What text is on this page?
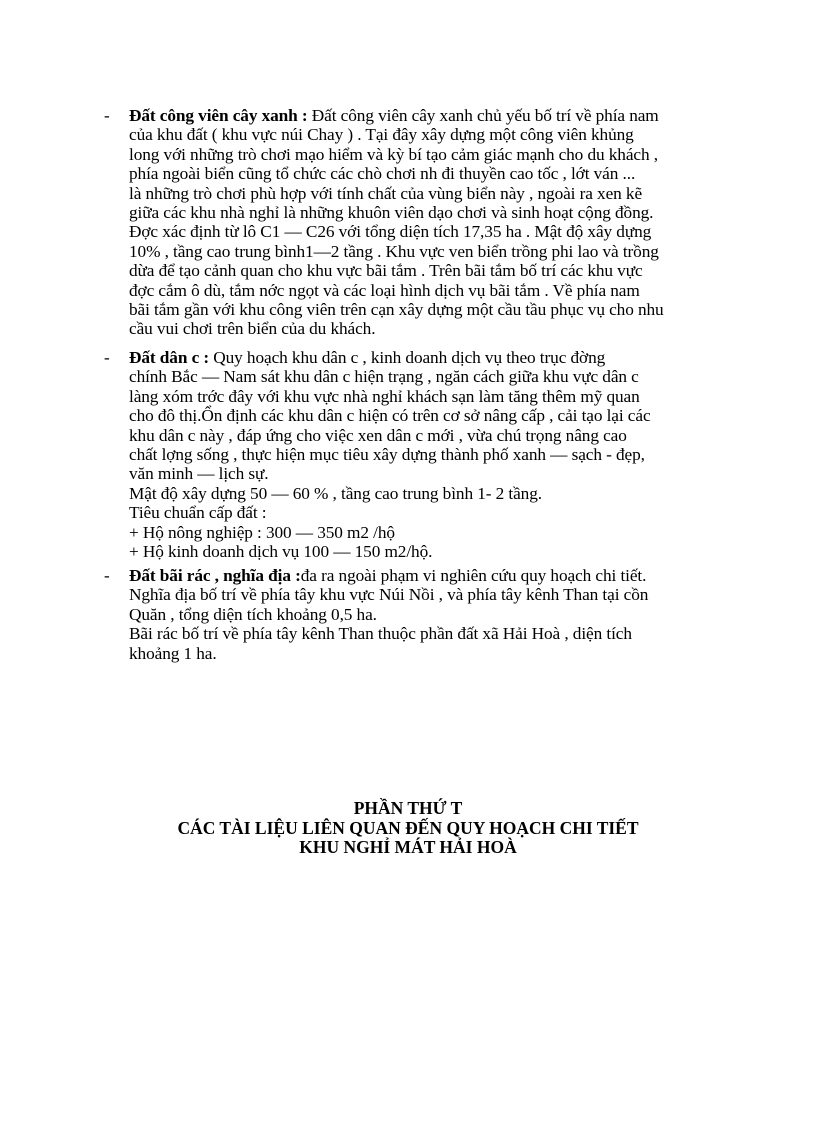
- Đất công viên cây xanh : Đất công viên cây xanh chủ yếu bố trí về phía nam
của khu đất ( khu vực núi Chay ) . Tại đây xây dựng một công viên khủng
long với những trò chơi mạo hiểm và kỳ bí tạo cảm giác mạnh cho du khách ,
phía ngoài biển cũng tổ chức các chò chơi nh đi thuyền cao tốc , lớt ván ...
là những trò chơi phù hợp với tính chất của vùng biển này , ngoài ra xen kẽ
giữa các khu nhà nghỉ là những khuôn viên dạo chơi và sinh hoạt cộng đồng.
Đợc xác định từ lô C1 — C26 với tổng diện tích 17,35 ha . Mật độ xây dựng
10% , tầng cao trung bình1—2 tầng . Khu vực ven biển trồng phi lao và trồng
dừa để tạo cảnh quan cho khu vực bãi tắm . Trên bãi tắm bố trí các khu vực
đợc cắm ô dù, tắm nớc ngọt và các loại hình dịch vụ bãi tắm . Về phía nam
bãi tắm gần với khu công viên trên cạn xây dựng một cầu tầu phục vụ cho nhu
cầu vui chơi trên biển của du khách.
- Đất dân c : Quy hoạch khu dân c , kinh doanh dịch vụ theo trục đờng
chính Bắc — Nam sát khu dân c hiện trạng , ngăn cách giữa khu vực dân c
làng xóm trớc đây với khu vực nhà nghỉ khách sạn làm tăng thêm mỹ quan
cho đô thị.Ổn định các khu dân c hiện có trên cơ sở nâng cấp , cải tạo lại các
khu dân c này , đáp ứng cho việc xen dân c mới , vừa chú trọng nâng cao
chất lợng sống , thực hiện mục tiêu xây dựng thành phố xanh — sạch - đẹp,
văn minh — lịch sự.
Mật độ xây dựng 50 — 60 % , tầng cao trung bình 1- 2 tầng.
Tiêu chuẩn cấp đất :
+ Hộ nông nghiệp : 300 — 350 m2 /hộ
+ Hộ kinh doanh dịch vụ 100 — 150 m2/hộ.
- Đất bãi rác , nghĩa địa :đa ra ngoài phạm vi nghiên cứu quy hoạch chi tiết.
Nghĩa địa bố trí về phía tây khu vực Núi Nồi , và phía tây kênh Than tại cồn
Quăn , tổng diện tích khoảng 0,5 ha.
Bãi rác bố trí về phía tây kênh Than thuộc phần đất xã Hải Hoà , diện tích
khoảng 1 ha.
PHẦN THỨ T
CÁC TÀI LIỆU LIÊN QUAN ĐẾN QUY HOẠCH CHI TIẾT
KHU NGHỈ MÁT HẢI HOÀ
